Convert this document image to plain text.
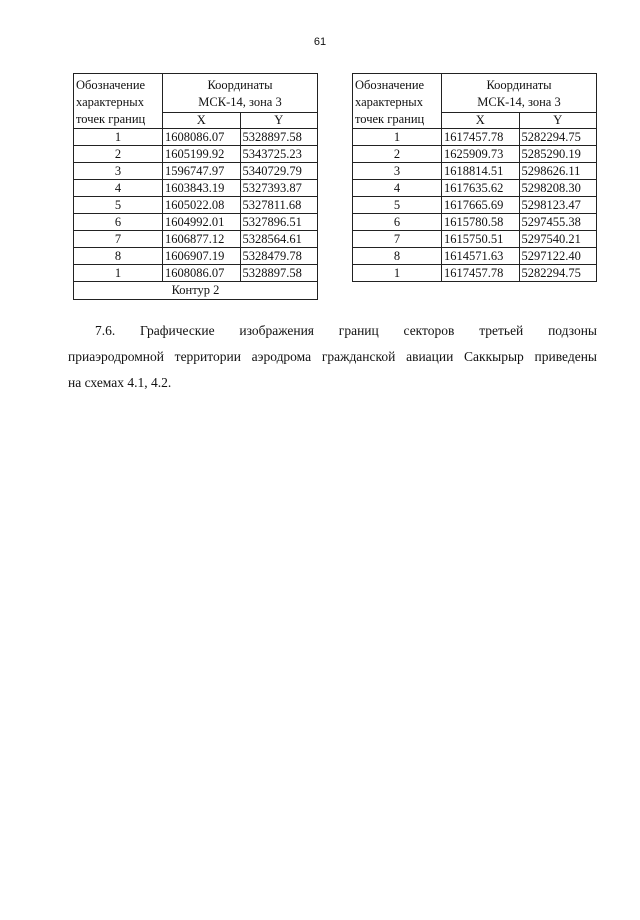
61
Обозначение
характерных
точек границ	Координаты
МСК-14, зона 3	
	X	Y
1	1608086.07	5328897.58
2	1605199.92	5343725.23
3	1596747.97	5340729.79
4	1603843.19	5327393.87
5	1605022.08	5327811.68
6	1604992.01	5327896.51
7	1606877.12	5328564.61
8	1606907.19	5328479.78
1	1608086.07	5328897.58
Контур 2		
Обозначение
характерных
точек границ	Координаты
МСК-14, зона 3	
	X	Y
1	1617457.78	5282294.75
2	1625909.73	5285290.19
3	1618814.51	5298626.11
4	1617635.62	5298208.30
5	1617665.69	5298123.47
6	1615780.58	5297455.38
7	1615750.51	5297540.21
8	1614571.63	5297122.40
1	1617457.78	5282294.75
7.6. Графические изображения границ секторов третьей подзоны
приаэродромной территории аэродрома гражданской авиации Саккырыр приведены
на схемах 4.1, 4.2.
